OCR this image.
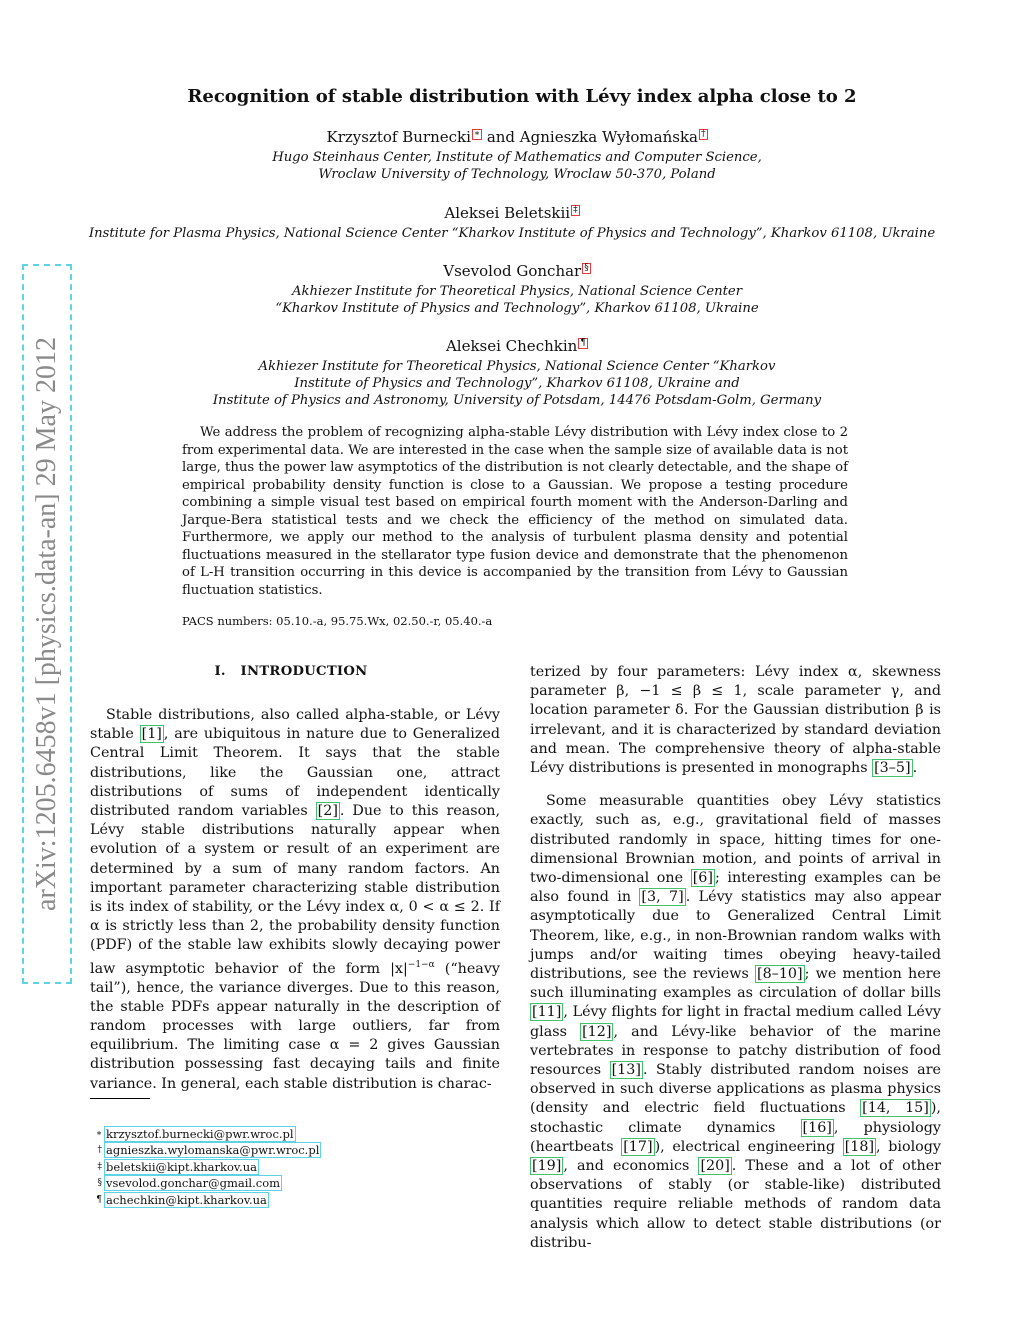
arXiv:1205.6458v1 [physics.data-an] 29 May 2012
Recognition of stable distribution with Lévy index alpha close to 2
Krzysztof Burnecki ∗ and Agnieszka Wyłomańska †
Hugo Steinhaus Center, Institute of Mathematics and Computer Science,
Wroclaw University of Technology, Wroclaw 50-370, Poland
Aleksei Beletskii ‡
Institute for Plasma Physics, National Science Center “Kharkov Institute of Physics and Technology”, Kharkov 61108, Ukraine
Vsevolod Gonchar §
Akhiezer Institute for Theoretical Physics, National Science Center
“Kharkov Institute of Physics and Technology”, Kharkov 61108, Ukraine
Aleksei Chechkin ¶
Akhiezer Institute for Theoretical Physics, National Science Center “Kharkov
Institute of Physics and Technology”, Kharkov 61108, Ukraine and
Institute of Physics and Astronomy, University of Potsdam, 14476 Potsdam-Golm, Germany
We address the problem of recognizing alpha-stable Lévy distribution with Lévy index close to 2 from experimental data. We are interested in the case when the sample size of available data is not large, thus the power law asymptotics of the distribution is not clearly detectable, and the shape of empirical probability density function is close to a Gaussian. We propose a testing procedure combining a simple visual test based on empirical fourth moment with the Anderson-Darling and Jarque-Bera statistical tests and we check the efficiency of the method on simulated data. Furthermore, we apply our method to the analysis of turbulent plasma density and potential fluctuations measured in the stellarator type fusion device and demonstrate that the phenomenon of L-H transition occurring in this device is accompanied by the transition from Lévy to Gaussian fluctuation statistics.
PACS numbers: 05.10.-a, 95.75.Wx, 02.50.-r, 05.40.-a
I. INTRODUCTION
Stable distributions, also called alpha-stable, or Lévy stable [1] , are ubiquitous in nature due to Generalized Central Limit Theorem. It says that the stable distributions, like the Gaussian one, attract distributions of sums of independent identically distributed random variables [2] . Due to this reason, Lévy stable distributions naturally appear when evolution of a system or result of an experiment are determined by a sum of many random factors. An important parameter characterizing stable distribution is its index of stability, or the Lévy index α, 0 < α ≤ 2. If α is strictly less than 2, the probability density function (PDF) of the stable law exhibits slowly decaying power law asymptotic behavior of the form $|x|^{-1-\alpha}$ (“heavy tail”), hence, the variance diverges. Due to this reason, the stable PDFs appear naturally in the description of random processes with large outliers, far from equilibrium. The limiting case α = 2 gives Gaussian distribution possessing fast decaying tails and finite variance. In general, each stable distribution is charac-

terized by four parameters: Lévy index α, skewness parameter β, −1 ≤ β ≤ 1, scale parameter γ, and location parameter δ. For the Gaussian distribution β is irrelevant, and it is characterized by standard deviation and mean. The comprehensive theory of alpha-stable Lévy distributions is presented in monographs [3–5] .

Some measurable quantities obey Lévy statistics exactly, such as, e.g., gravitational field of masses distributed randomly in space, hitting times for one-dimensional Brownian motion, and points of arrival in two-dimensional one [6] ; interesting examples can be also found in [3, 7] . Lévy statistics may also appear asymptotically due to Generalized Central Limit Theorem, like, e.g., in non-Brownian random walks with jumps and/or waiting times obeying heavy-tailed distributions, see the reviews [8–10] ; we mention here such illuminating examples as circulation of dollar bills [11] , Lévy flights for light in fractal medium called Lévy glass [12] , and Lévy-like behavior of the marine vertebrates in response to patchy distribution of food resources [13] . Stably distributed random noises are observed in such diverse applications as plasma physics (density and electric field fluctuations [14, 15] ), stochastic climate dynamics [16] , physiology (heartbeats [17] ), electrical engineering [18] , biology [19] , and economics [20] . These and a lot of other observations of stably (or stable-like) distributed quantities require reliable methods of random data analysis which allow to detect stable distributions (or distribu-

∗ krzysztof.burnecki@pwr.wroc.pl
† agnieszka.wylomanska@pwr.wroc.pl
‡ beletskii@kipt.kharkov.ua
§ vsevolod.gonchar@gmail.com
¶ achechkin@kipt.kharkov.ua
